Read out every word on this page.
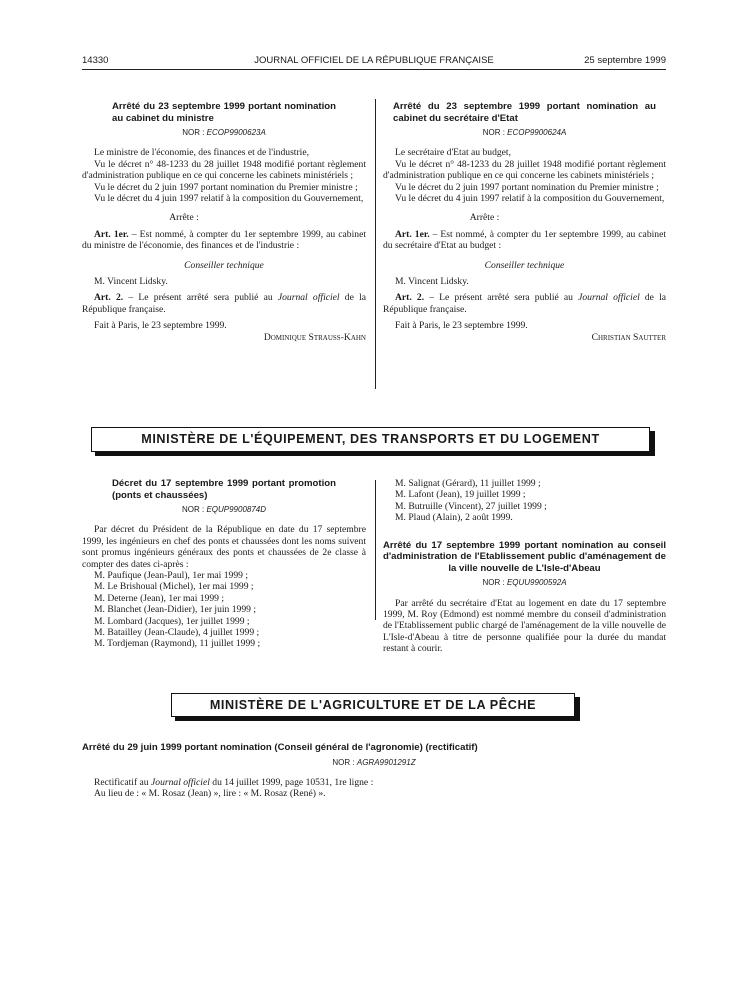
14330	JOURNAL OFFICIEL DE LA RÉPUBLIQUE FRANÇAISE	25 septembre 1999

Arrêté du 23 septembre 1999 portant nomination au cabinet du ministre

NOR : ECOP9900623A

Le ministre de l'économie, des finances et de l'industrie,

Vu le décret n° 48-1233 du 28 juillet 1948 modifié portant règlement d'administration publique en ce qui concerne les cabinets ministériels ;

Vu le décret du 2 juin 1997 portant nomination du Premier ministre ;

Vu le décret du 4 juin 1997 relatif à la composition du Gouvernement,

Arrête :

Art. 1er. – Est nommé, à compter du 1er septembre 1999, au cabinet du ministre de l'économie, des finances et de l'industrie :

Conseiller technique

M. Vincent Lidsky.

Art. 2. – Le présent arrêté sera publié au Journal officiel de la République française.

Fait à Paris, le 23 septembre 1999.

Dominique Strauss-Kahn

Arrêté du 23 septembre 1999 portant nomination au cabinet du secrétaire d'Etat

NOR : ECOP9900624A

Le secrétaire d'Etat au budget,

Vu le décret n° 48-1233 du 28 juillet 1948 modifié portant règlement d'administration publique en ce qui concerne les cabinets ministériels ;

Vu le décret du 2 juin 1997 portant nomination du Premier ministre ;

Vu le décret du 4 juin 1997 relatif à la composition du Gouvernement,

Arrête :

Art. 1er. – Est nommé, à compter du 1er septembre 1999, au cabinet du secrétaire d'Etat au budget :

Conseiller technique

M. Vincent Lidsky.

Art. 2. – Le présent arrêté sera publié au Journal officiel de la République française.

Fait à Paris, le 23 septembre 1999.

Christian Sautter

MINISTÈRE DE L'ÉQUIPEMENT, DES TRANSPORTS ET DU LOGEMENT

Décret du 17 septembre 1999 portant promotion (ponts et chaussées)

NOR : EQUP9900874D

Par décret du Président de la République en date du 17 septembre 1999, les ingénieurs en chef des ponts et chaussées dont les noms suivent sont promus ingénieurs généraux des ponts et chaussées de 2e classe à compter des dates ci-après :

M. Paufique (Jean-Paul), 1er mai 1999 ;

M. Le Brishoual (Michel), 1er mai 1999 ;

M. Deterne (Jean), 1er mai 1999 ;

M. Blanchet (Jean-Didier), 1er juin 1999 ;

M. Lombard (Jacques), 1er juillet 1999 ;

M. Batailley (Jean-Claude), 4 juillet 1999 ;

M. Tordjeman (Raymond), 11 juillet 1999 ;

M. Salignat (Gérard), 11 juillet 1999 ;

M. Lafont (Jean), 19 juillet 1999 ;

M. Butruille (Vincent), 27 juillet 1999 ;

M. Plaud (Alain), 2 août 1999.

Arrêté du 17 septembre 1999 portant nomination au conseil d'administration de l'Etablissement public d'aménagement de la ville nouvelle de L'Isle-d'Abeau

NOR : EQUU9900592A

Par arrêté du secrétaire d'Etat au logement en date du 17 septembre 1999, M. Roy (Edmond) est nommé membre du conseil d'administration de l'Etablissement public chargé de l'aménagement de la ville nouvelle de L'Isle-d'Abeau à titre de personne qualifiée pour la durée du mandat restant à courir.

MINISTÈRE DE L'AGRICULTURE ET DE LA PÊCHE

Arrêté du 29 juin 1999 portant nomination (Conseil général de l'agronomie) (rectificatif)

NOR : AGRA9901291Z

Rectificatif au Journal officiel du 14 juillet 1999, page 10531, 1re ligne :

Au lieu de : « M. Rosaz (Jean) », lire : « M. Rosaz (René) ».
